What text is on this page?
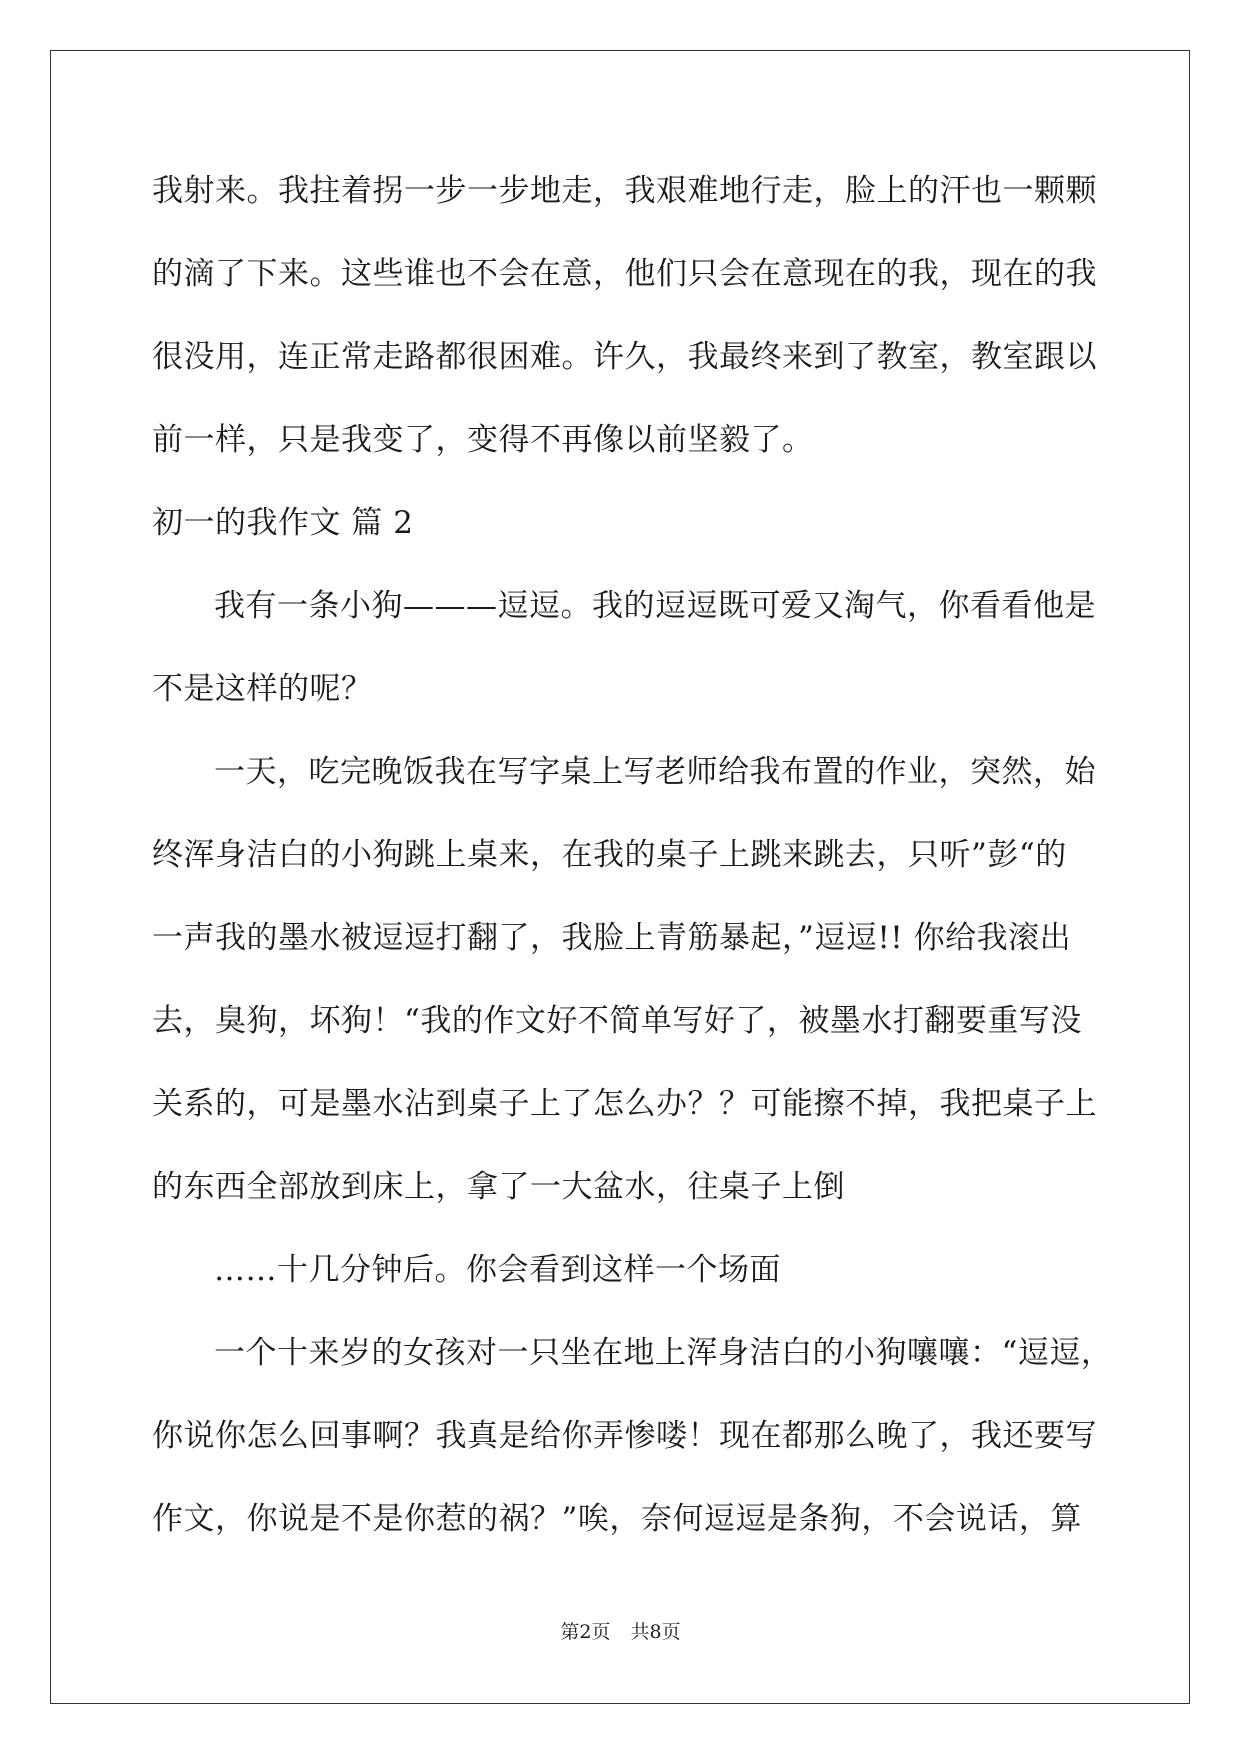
我射来。我拄着拐一步一步地走，我艰难地行走，脸上的汗也一颗颗
的滴了下来。这些谁也不会在意，他们只会在意现在的我，现在的我
很没用，连正常走路都很困难。许久，我最终来到了教室，教室跟以
前一样，只是我变了，变得不再像以前坚毅了。
初一的我作文 篇 2
我有一条小狗———逗逗。我的逗逗既可爱又淘气，你看看他是
不是这样的呢？
一天，吃完晚饭我在写字桌上写老师给我布置的作业，突然，始
终浑身洁白的小狗跳上桌来，在我的桌子上跳来跳去，只听”彭“的
一声我的墨水被逗逗打翻了，我脸上青筋暴起，”逗逗!! 你给我滚出
去，臭狗，坏狗！“我的作文好不简单写好了，被墨水打翻要重写没
关系的，可是墨水沾到桌子上了怎么办？？可能擦不掉，我把桌子上
的东西全部放到床上，拿了一大盆水，往桌子上倒
……十几分钟后。你会看到这样一个场面
一个十来岁的女孩对一只坐在地上浑身洁白的小狗嚷嚷：“逗逗，
你说你怎么回事啊？我真是给你弄惨喽！现在都那么晚了，我还要写
作文，你说是不是你惹的祸？”唉，奈何逗逗是条狗，不会说话，算
第2页 共8页
